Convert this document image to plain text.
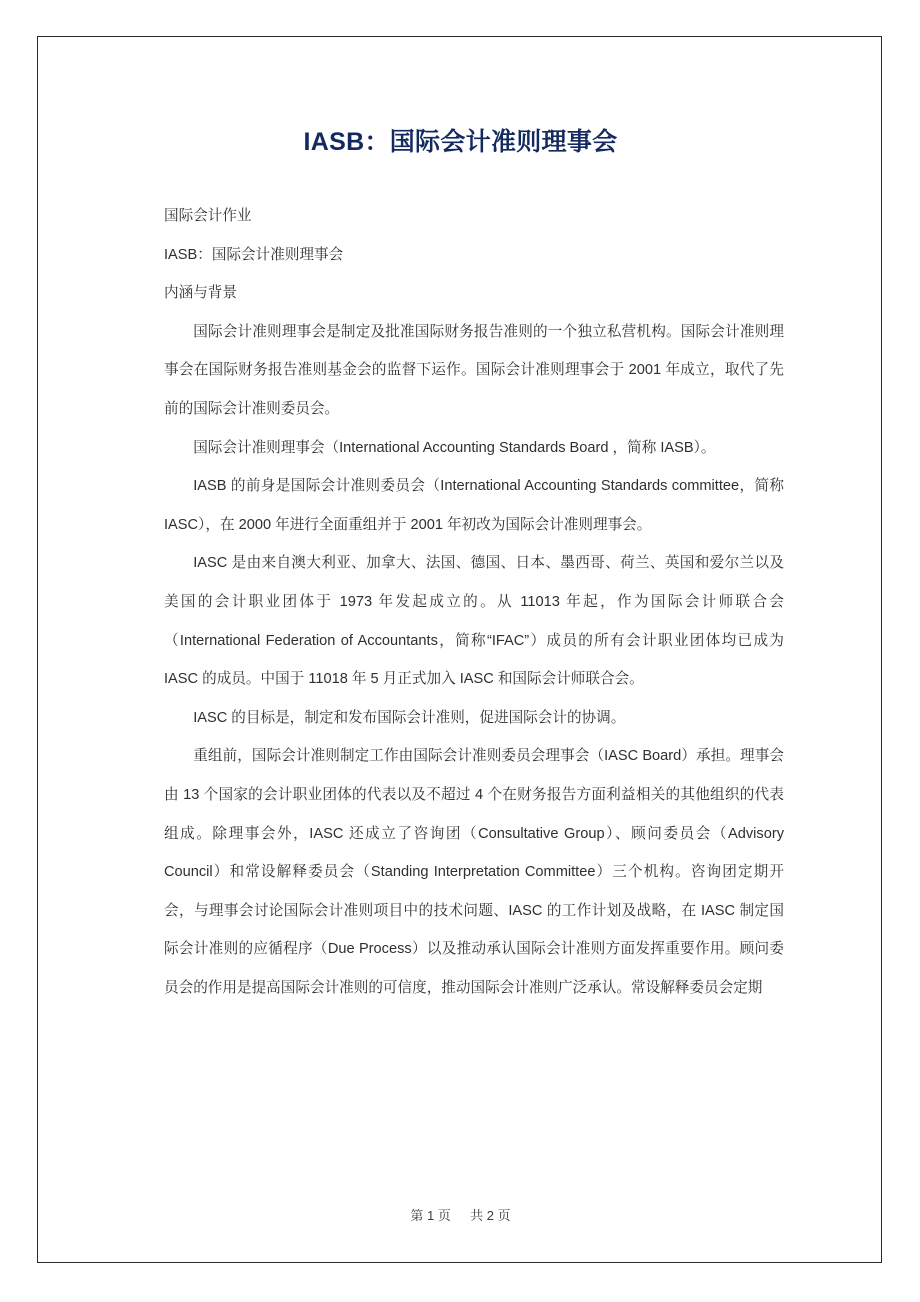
IASB：国际会计准则理事会

国际会计作业

IASB：国际会计准则理事会

内涵与背景

国际会计准则理事会是制定及批准国际财务报告准则的一个独立私营机构。国际会计准则理事会在国际财务报告准则基金会的监督下运作。国际会计准则理事会于 2001 年成立，取代了先前的国际会计准则委员会。

国际会计准则理事会（International Accounting Standards Board ，简称 IASB）。

IASB 的前身是国际会计准则委员会（International Accounting Standards committee，简称 IASC），在 2000 年进行全面重组并于 2001 年初改为国际会计准则理事会。

IASC 是由来自澳大利亚、加拿大、法国、德国、日本、墨西哥、荷兰、英国和爱尔兰以及美国的会计职业团体于 1973 年发起成立的。从 11013 年起，作为国际会计师联合会（International Federation of Accountants，简称“IFAC”）成员的所有会计职业团体均已成为 IASC 的成员。中国于 11018 年 5 月正式加入 IASC 和国际会计师联合会。

IASC 的目标是，制定和发布国际会计准则，促进国际会计的协调。

重组前，国际会计准则制定工作由国际会计准则委员会理事会（IASC Board）承担。理事会由 13 个国家的会计职业团体的代表以及不超过 4 个在财务报告方面利益相关的其他组织的代表组成。除理事会外，IASC 还成立了咨询团（Consultative Group）、顾问委员会（Advisory Council）和常设解释委员会（Standing Interpretation Committee）三个机构。咨询团定期开会，与理事会讨论国际会计准则项目中的技术问题、IASC 的工作计划及战略，在 IASC 制定国际会计准则的应循程序（Due Process）以及推动承认国际会计准则方面发挥重要作用。顾问委员会的作用是提高国际会计准则的可信度，推动国际会计准则广泛承认。常设解释委员会定期

第 1 页 共 2 页
